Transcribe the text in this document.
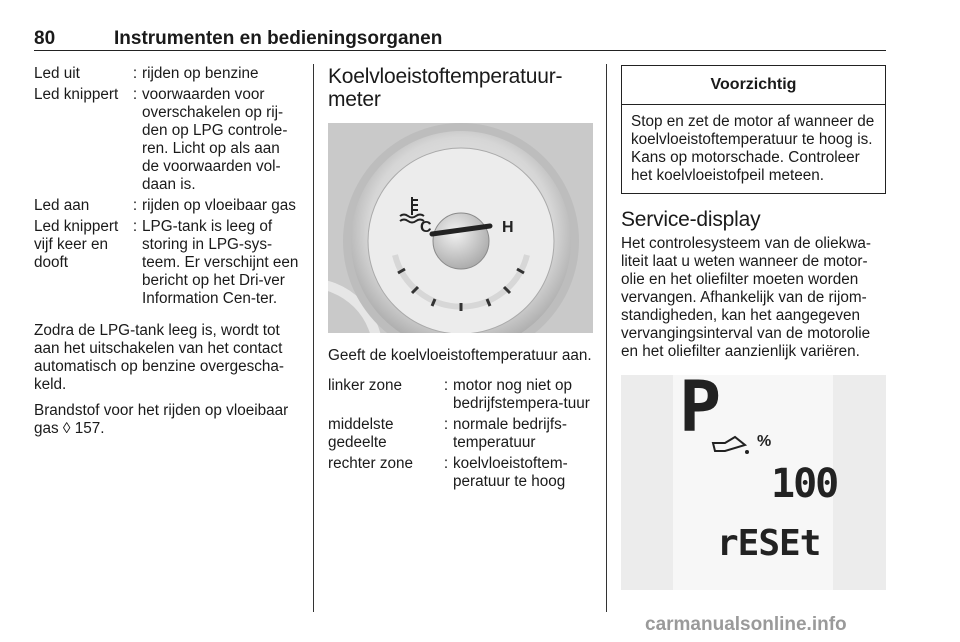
80	Instrumenten en bedieningsorganen
Led uit	: rijden op benzine
Led knippert : voorwaarden voor overschakelen op rij-den op LPG controle-ren. Licht op als aan de voorwaarden vol-daan is.
Led aan	: rijden op vloeibaar gas
Led knippert vijf keer en dooft
: LPG-tank is leeg of storing in LPG-sys-teem. Er verschijnt een bericht op het Dri-ver Information Cen-ter.

Zodra de LPG-tank leeg is, wordt tot aan het uitschakelen van het contact automatisch op benzine overgescha-keld.

Brandstof voor het rijden op vloeibaar gas ◊ 157.

Koelvloeistoftemperatuur-meter
C	H

Geeft de koelvloeistoftemperatuur aan.

linker zone	: motor nog niet op bedrijfstempera-tuur
middelste gedeelte
: normale bedrijfs-temperatuur
rechter zone	: koelvloeistoftem-peratuur te hoog
Voorzichtig
Stop en zet de motor af wanneer de koelvloeistoftemperatuur te hoog is. Kans op motorschade. Controleer het koelvloeistofpeil meteen.
Service-display

Het controlesysteem van de oliekwa-liteit laat u weten wanneer de motor-olie en het oliefilter moeten worden vervangen. Afhankelijk van de rijom-standigheden, kan het aangegeven vervangingsinterval van de motorolie en het oliefilter aanzienlijk variëren.

P %
100
rESEt
carmanualsonline.info
